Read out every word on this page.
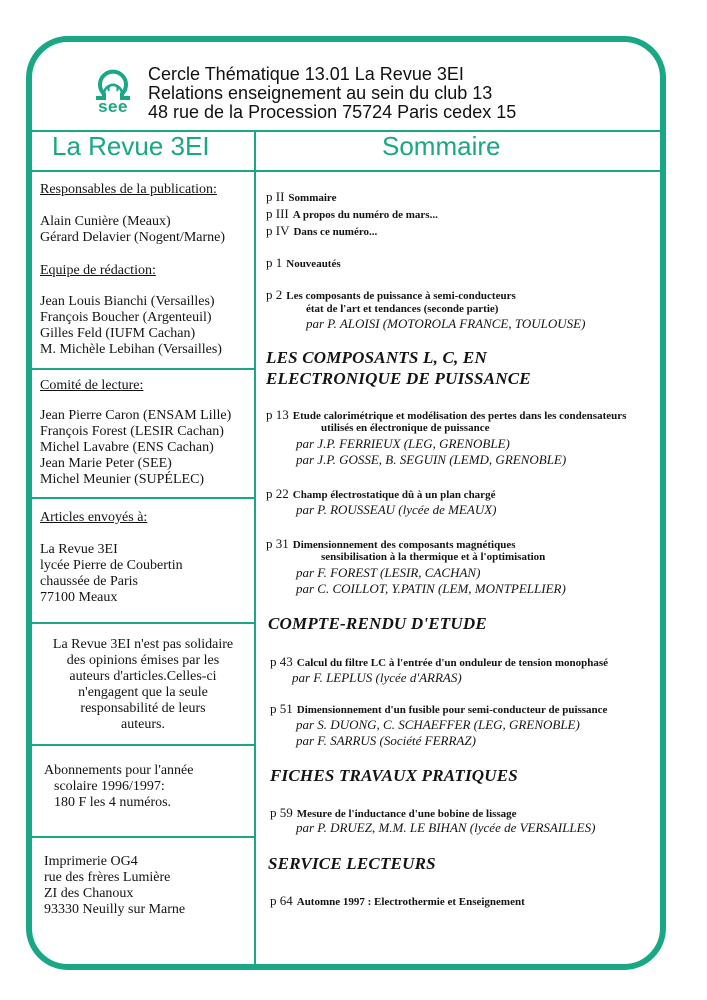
see
Cercle Thématique 13.01 La Revue 3EI
Relations enseignement au sein du club 13
48 rue de la Procession 75724 Paris cedex 15
La Revue 3EI	Sommaire
Responsables de la publication:
Alain Cunière (Meaux)
Gérard Delavier (Nogent/Marne)
Equipe de rédaction:
Jean Louis Bianchi (Versailles)
François Boucher (Argenteuil)
Gilles Feld (IUFM Cachan)
M. Michèle Lebihan (Versailles)
Comité de lecture:
Jean Pierre Caron (ENSAM Lille)
François Forest (LESIR Cachan)
Michel Lavabre (ENS Cachan)
Jean Marie Peter (SEE)
Michel Meunier (SUPÉLEC)
Articles envoyés à:
La Revue 3EI
lycée Pierre de Coubertin
chaussée de Paris
77100 Meaux
La Revue 3EI n'est pas solidaire
des opinions émises par les
auteurs d'articles.Celles-ci
n'engagent que la seule
responsabilité de leurs
auteurs.
Abonnements pour l'année
scolaire 1996/1997:
180 F les 4 numéros.
Imprimerie OG4
rue des frères Lumière
ZI des Chanoux
93330 Neuilly sur Marne
p II Sommaire
p III A propos du numéro de mars...
p IV Dans ce numéro...
p 1 Nouveautés
p 2 Les composants de puissance à semi-conducteurs
état de l'art et tendances (seconde partie)
par P. ALOISI (MOTOROLA FRANCE, TOULOUSE)
LES COMPOSANTS L, C, EN
ELECTRONIQUE DE PUISSANCE
p 13 Etude calorimétrique et modélisation des pertes dans les condensateurs
utilisés en électronique de puissance
par J.P. FERRIEUX (LEG, GRENOBLE)
par J.P. GOSSE, B. SEGUIN (LEMD, GRENOBLE)
p 22 Champ électrostatique dû à un plan chargé
par P. ROUSSEAU (lycée de MEAUX)
p 31 Dimensionnement des composants magnétiques
sensibilisation à la thermique et à l'optimisation
par F. FOREST (LESIR, CACHAN)
par C. COILLOT, Y.PATIN (LEM, MONTPELLIER)
COMPTE-RENDU D'ETUDE
p 43 Calcul du filtre LC à l'entrée d'un onduleur de tension monophasé
par F. LEPLUS (lycée d'ARRAS)
p 51 Dimensionnement d'un fusible pour semi-conducteur de puissance
par S. DUONG, C. SCHAEFFER (LEG, GRENOBLE)
par F. SARRUS (Société FERRAZ)
FICHES TRAVAUX PRATIQUES
p 59 Mesure de l'inductance d'une bobine de lissage
par P. DRUEZ, M.M. LE BIHAN (lycée de VERSAILLES)
SERVICE LECTEURS
p 64 Automne 1997 : Electrothermie et Enseignement
